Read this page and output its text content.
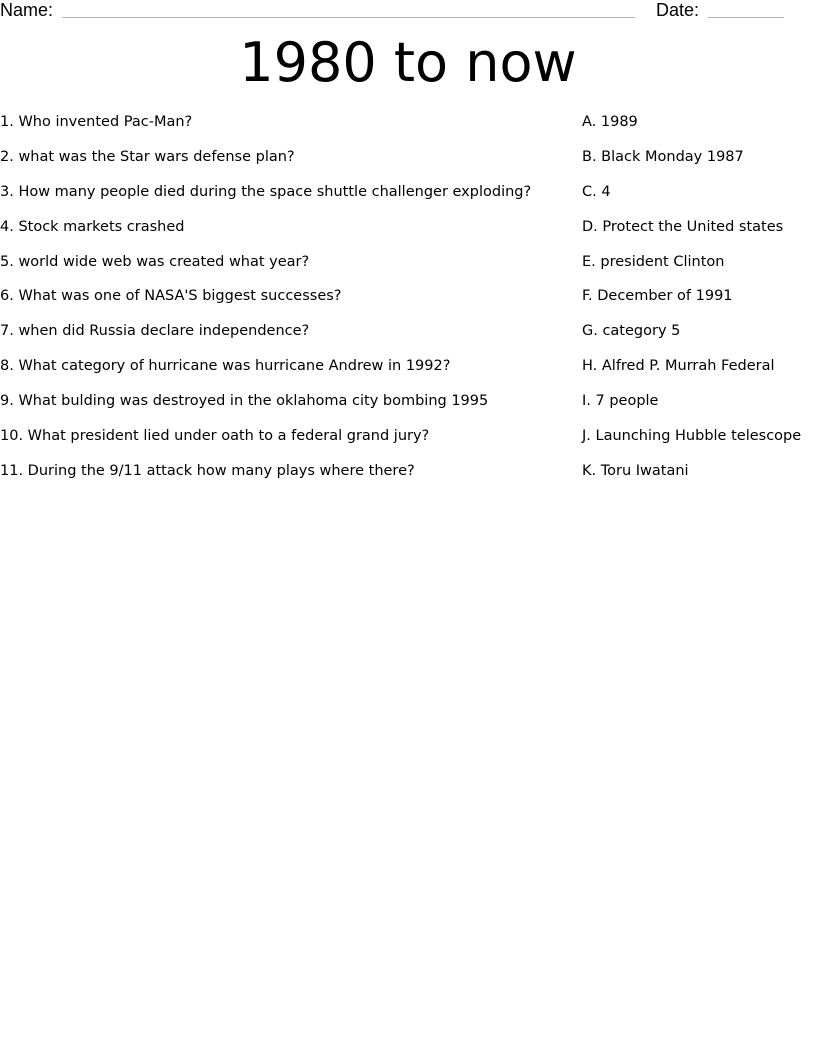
Name:	Date:
1980 to now
1. Who invented Pac-Man?
2. what was the Star wars defense plan?
3. How many people died during the space shuttle challenger exploding?
4. Stock markets crashed
5. world wide web was created what year?
6. What was one of NASA'S biggest successes?
7. when did Russia declare independence?
8. What category of hurricane was hurricane Andrew in 1992?
9. What bulding was destroyed in the oklahoma city bombing 1995
10. What president lied under oath to a federal grand jury?
11. During the 9/11 attack how many plays where there?
A. 1989
B. Black Monday 1987
C. 4
D. Protect the United states
E. president Clinton
F. December of 1991
G. category 5
H. Alfred P. Murrah Federal
I. 7 people
J. Launching Hubble telescope
K. Toru Iwatani
